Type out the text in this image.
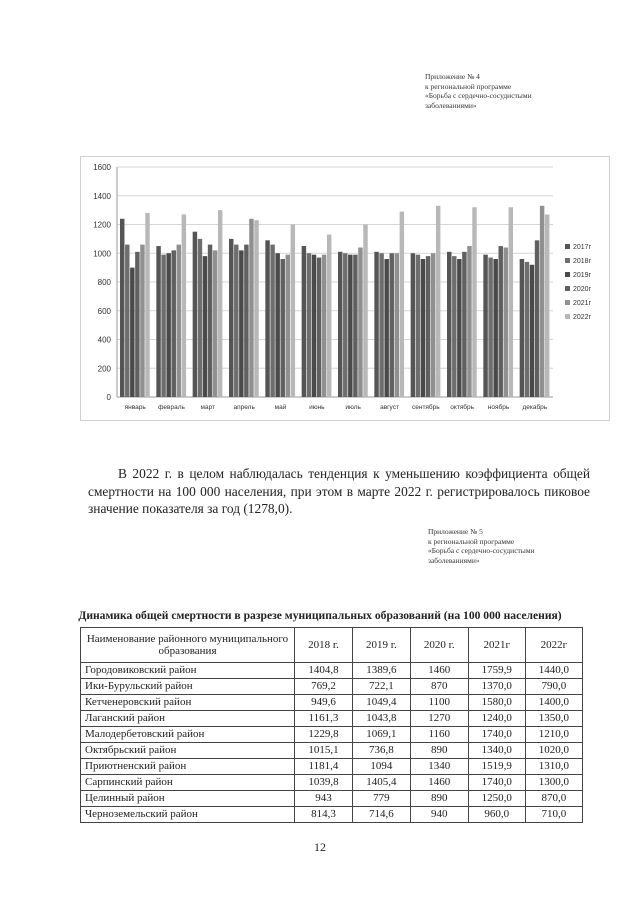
Приложение № 4
к региональной программе
«Борьба с сердечно-сосудистыми
заболеваниями»
0
200
400
600
800
1000
1200
1400
1600
январь февраль март	апрель	май	июнь	июль	август сентябрь октябрь ноябрь декабрь
2017г
2018г
2019г
2020г
2021г
2022г

В 2022 г. в целом наблюдалась тенденция к уменьшению коэффициента общей смертности на 100 000 населения, при этом в марте 2022 г. регистрировалось пиковое значение показателя за год (1278,0).

Приложение № 5
к региональной программе
«Борьба с сердечно-сосудистыми
заболеваниями»
Динамика общей смертности в разрезе муниципальных образований (на 100 000 населения)
Наименование районного муниципального образования	2018 г.	2019 г.	2020 г.	2021г	2022г
Городовиковский район	1404,8	1389,6	1460	1759,9	1440,0
Ики-Бурульский район	769,2	722,1	870	1370,0	790,0
Кетченеровский район	949,6	1049,4	1100	1580,0	1400,0
Лаганский район	1161,3	1043,8	1270	1240,0	1350,0
Малодербетовский район	1229,8	1069,1	1160	1740,0	1210,0
Октябрьский район	1015,1	736,8	890	1340,0	1020,0
Приютненский район	1181,4	1094	1340	1519,9	1310,0
Сарпинский район	1039,8	1405,4	1460	1740,0	1300,0
Целинный район	943	779	890	1250,0	870,0
Черноземельский район	814,3	714,6	940	960,0	710,0
12
